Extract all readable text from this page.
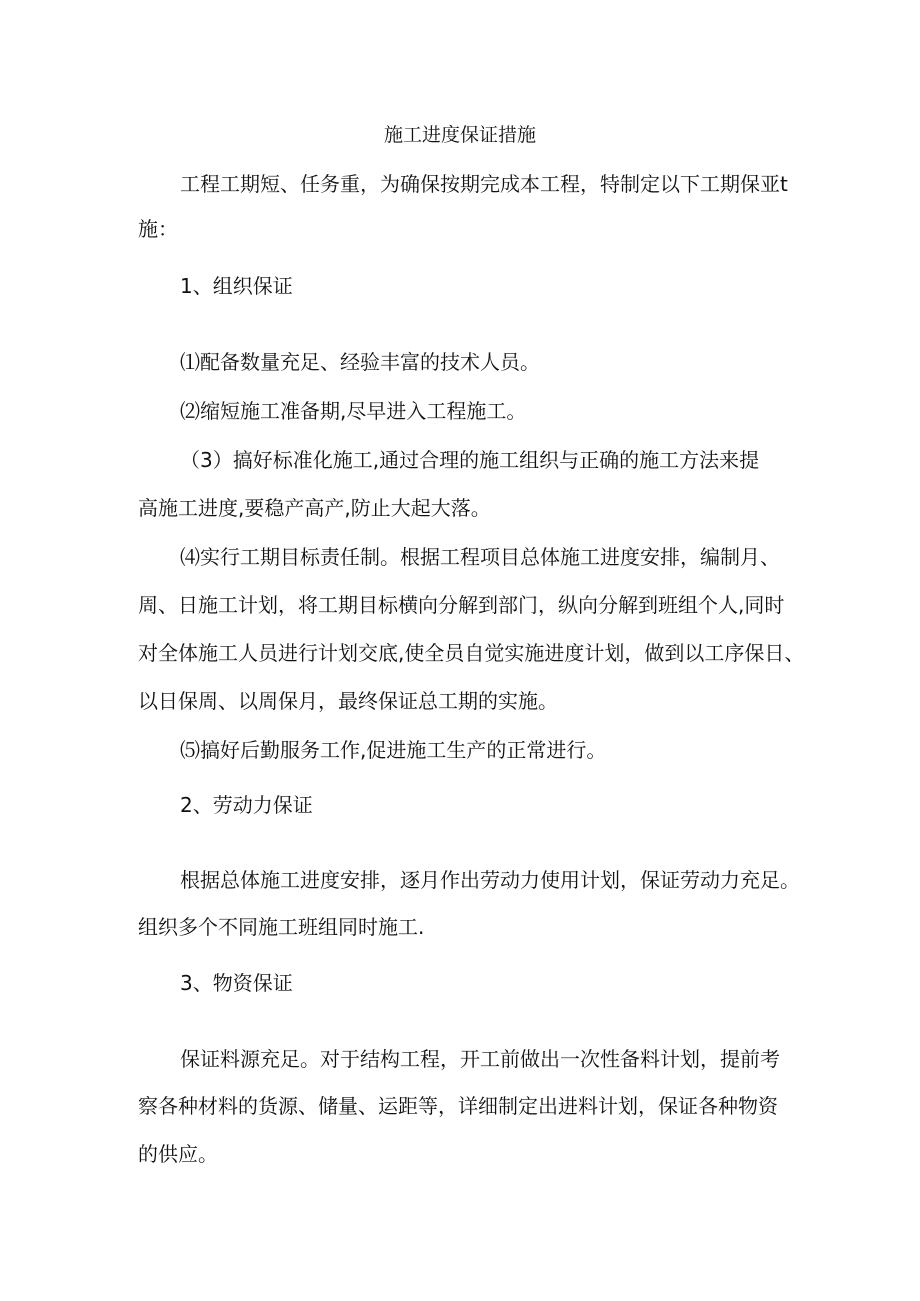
施工进度保证措施

工程工期短、任务重，为确保按期完成本工程，特制定以下工期保亚t

施：

1、组织保证

⑴配备数量充足、经验丰富的技术人员。

⑵缩短施工准备期,尽早进入工程施工。

（3）搞好标准化施工,通过合理的施工组织与正确的施工方法来提

高施工进度,要稳产高产,防止大起大落。

⑷实行工期目标责任制。根据工程项目总体施工进度安排，编制月、

周、日施工计划，将工期目标横向分解到部门，纵向分解到班组个人,同时

对全体施工人员进行计划交底,使全员自觉实施进度计划，做到以工序保日、

以日保周、以周保月，最终保证总工期的实施。

⑸搞好后勤服务工作,促进施工生产的正常进行。

2、劳动力保证

根据总体施工进度安排，逐月作出劳动力使用计划，保证劳动力充足。

组织多个不同施工班组同时施工.

3、物资保证

保证料源充足。对于结构工程，开工前做出一次性备料计划，提前考

察各种材料的货源、储量、运距等，详细制定出进料计划，保证各种物资

的供应。
